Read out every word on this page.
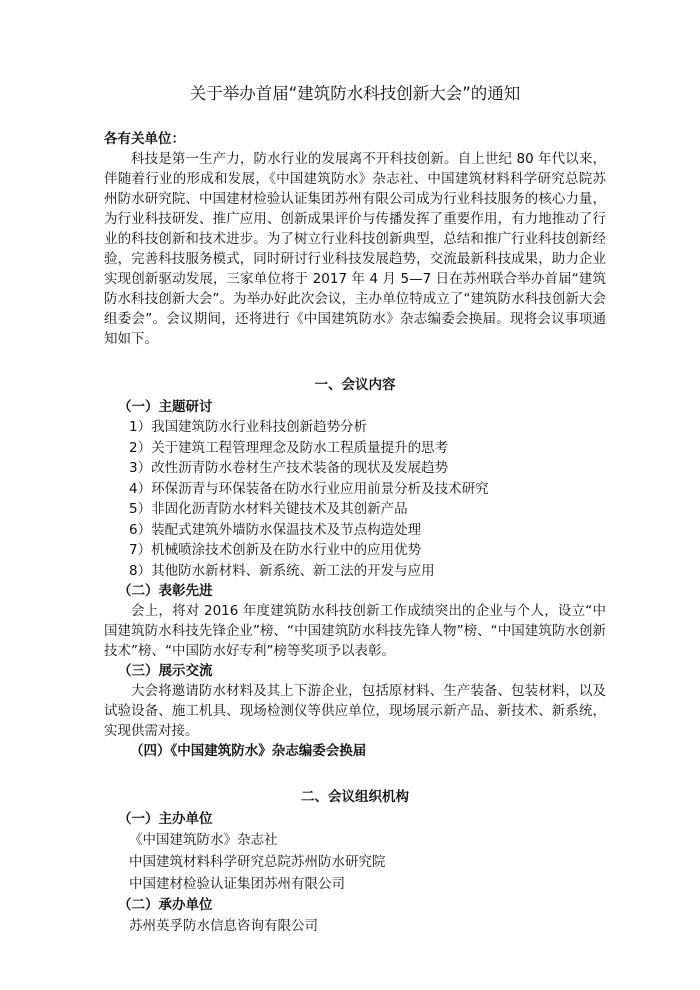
关于举办首届“建筑防水科技创新大会”的通知

各有关单位：

科技是第一生产力，防水行业的发展离不开科技创新。自上世纪 80 年代以来，伴随着行业的形成和发展，《中国建筑防水》杂志社、中国建筑材料科学研究总院苏州防水研究院、中国建材检验认证集团苏州有限公司成为行业科技服务的核心力量，为行业科技研发、推广应用、创新成果评价与传播发挥了重要作用，有力地推动了行业的科技创新和技术进步。为了树立行业科技创新典型，总结和推广行业科技创新经验，完善科技服务模式，同时研讨行业科技发展趋势，交流最新科技成果，助力企业实现创新驱动发展，三家单位将于 2017 年 4 月 5—7 日在苏州联合举办首届“建筑防水科技创新大会”。为举办好此次会议，主办单位特成立了“建筑防水科技创新大会组委会”。会议期间，还将进行《中国建筑防水》杂志编委会换届。现将会议事项通知如下。

一、会议内容

（一）主题研讨

1）我国建筑防水行业科技创新趋势分析

2）关于建筑工程管理理念及防水工程质量提升的思考

3）改性沥青防水卷材生产技术装备的现状及发展趋势

4）环保沥青与环保装备在防水行业应用前景分析及技术研究

5）非固化沥青防水材料关键技术及其创新产品

6）装配式建筑外墙防水保温技术及节点构造处理

7）机械喷涂技术创新及在防水行业中的应用优势

8）其他防水新材料、新系统、新工法的开发与应用

（二）表彰先进

会上，将对 2016 年度建筑防水科技创新工作成绩突出的企业与个人，设立“中国建筑防水科技先锋企业”榜、“中国建筑防水科技先锋人物”榜、“中国建筑防水创新技术”榜、“中国防水好专利”榜等奖项予以表彰。

（三）展示交流

大会将邀请防水材料及其上下游企业，包括原材料、生产装备、包装材料，以及试验设备、施工机具、现场检测仪等供应单位，现场展示新产品、新技术、新系统，实现供需对接。

（四）《中国建筑防水》杂志编委会换届

二、会议组织机构

（一）主办单位

《中国建筑防水》杂志社

中国建筑材料科学研究总院苏州防水研究院

中国建材检验认证集团苏州有限公司

（二）承办单位

苏州英孚防水信息咨询有限公司
